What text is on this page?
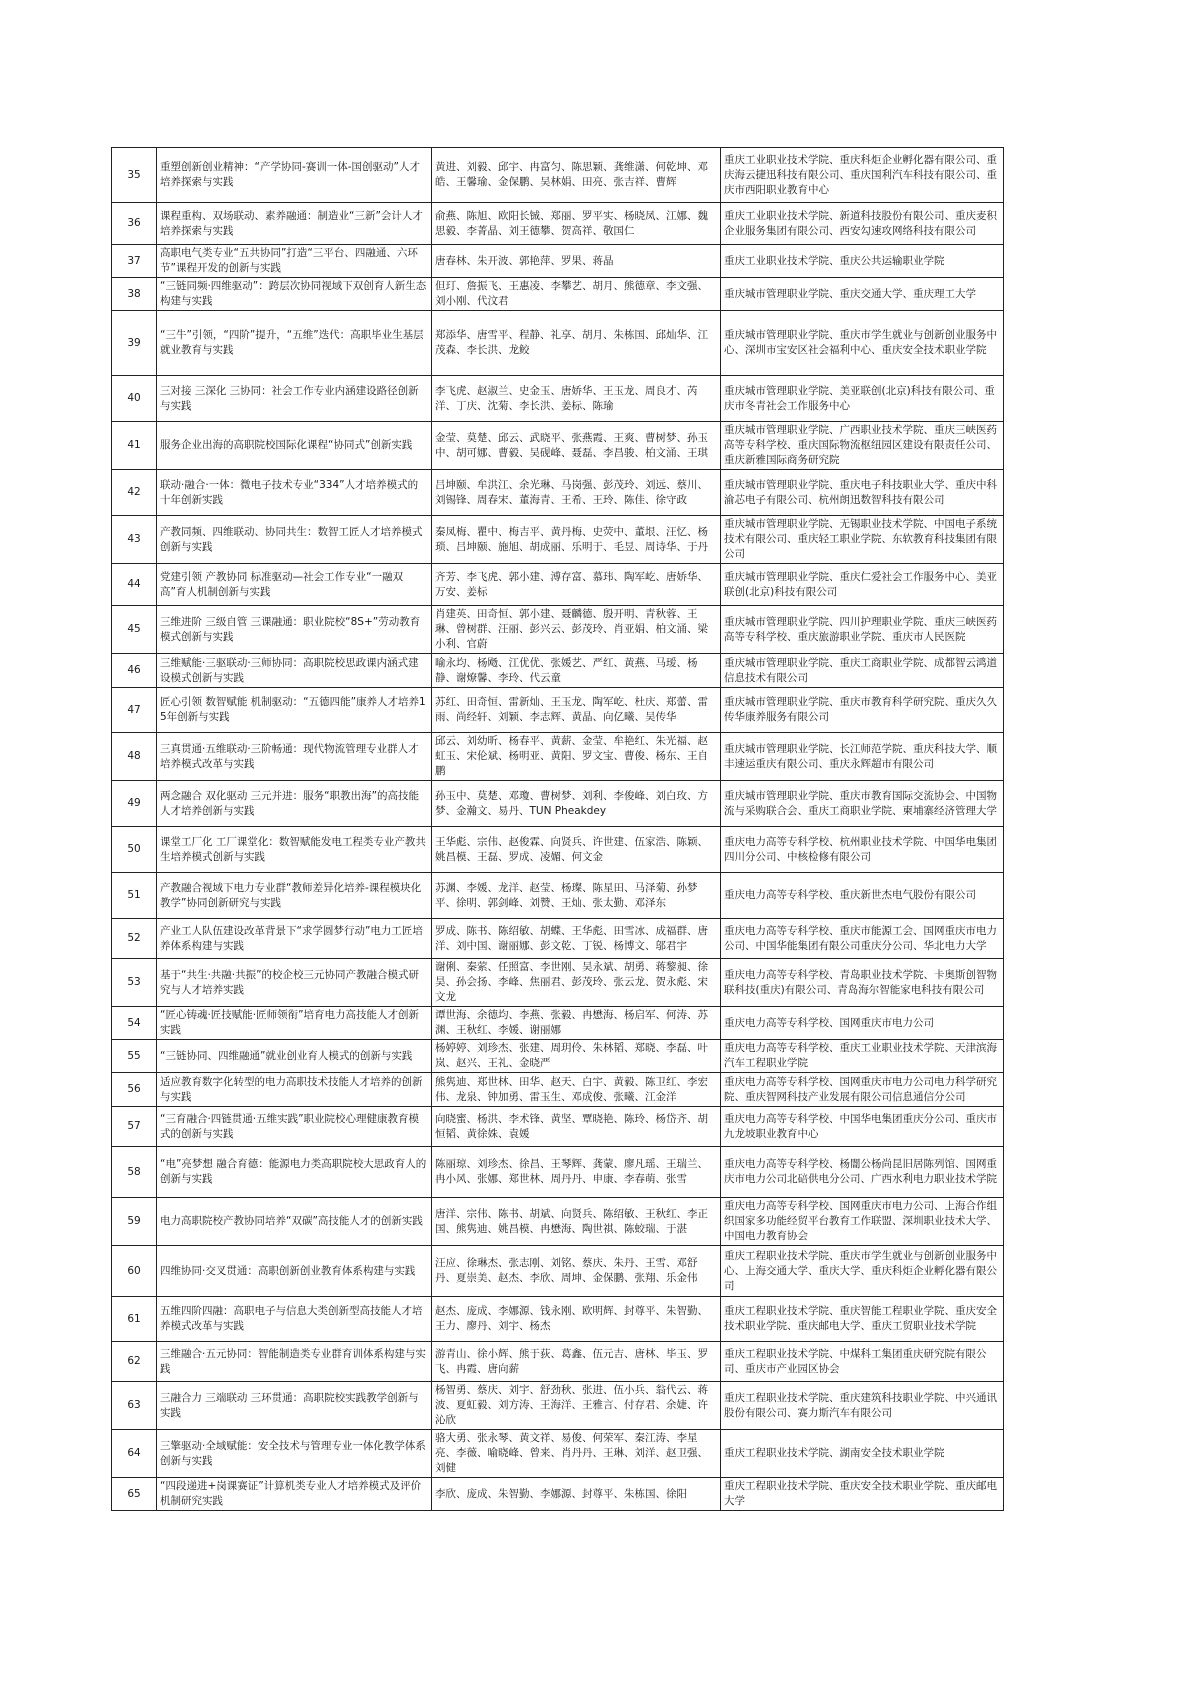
35	重塑创新创业精神：“产学协同-赛训一体-国创驱动”人才培养探索与实践	黄进、刘毅、邱宇、冉富匀、陈思颖、龚维潇、何乾坤、邓皓、王馨瑜、金保鹏、吴林娟、田亮、张吉祥、曹辉	重庆工业职业技术学院、重庆科炬企业孵化器有限公司、重庆海云捷迅科技有限公司、重庆国利汽车科技有限公司、重庆市西阳职业教育中心
36	课程重构、双场联动、素养融通：制造业“三新”会计人才培养探索与实践	俞燕、陈旭、欧阳长铖、郑丽、罗平实、杨晓凤、江娜、魏思毅、李菁晶、刘王德攀、贺高祥、敬国仁	重庆工业职业技术学院、新道科技股份有限公司、重庆麦积企业服务集团有限公司、西安勾速攻网络科技有限公司
37	高职电气类专业“五共协同”打造“三平台、四融通、六环节”课程开发的创新与实践	唐春林、朱开波、郭艳萍、罗果、蒋晶	重庆工业职业技术学院、重庆公共运输职业学院
38	“三链同频·四维驱动”：跨层次协同视域下双创育人新生态构建与实践	但玎、詹振飞、王惠凌、李攀艺、胡月、熊德章、李文强、刘小刚、代汶君	重庆城市管理职业学院、重庆交通大学、重庆理工大学
39	“三牛”引领，“四阶”提升，“五维”迭代：高职毕业生基层就业教育与实践	郑添华、唐雪平、程静、礼享、胡月、朱栋国、邱灿华、江茂森、李长洪、龙鲛	重庆城市管理职业学院、重庆市学生就业与创新创业服务中心、深圳市宝安区社会福利中心、重庆安全技术职业学院
40	三对接 三深化 三协同：社会工作专业内涵建设路径创新与实践	李飞虎、赵淑兰、史金玉、唐娇华、王玉龙、周良才、芮洋、丁庆、沈菊、李长洪、姜标、陈瑜	重庆城市管理职业学院、美亚联创(北京)科技有限公司、重庆市冬青社会工作服务中心
41	服务企业出海的高职院校国际化课程“协同式”创新实践	金莹、莫楚、邱云、武晓平、张燕霞、王爽、曹树梦、孙玉中、胡可娜、曹毅、吴砚峰、聂磊、李昌骏、柏文涌、王琪	重庆城市管理职业学院、广西职业技术学院、重庆三峡医药高等专科学校、重庆国际物流枢纽园区建设有限责任公司、重庆新雅国际商务研究院
42	联动·融合·一体：微电子技术专业“334”人才培养模式的十年创新实践	吕坤颐、牟洪江、余光琳、马岗强、彭茂玲、刘远、蔡川、刘锡锋、周春宋、董海青、王希、王玲、陈佳、徐守政	重庆城市管理职业学院、重庆电子科技职业大学、重庆中科渝芯电子有限公司、杭州朗迅数智科技有限公司
43	产教同频、四维联动、协同共生：数智工匠人才培养模式创新与实践	秦凤梅、瞿中、梅吉平、黄丹梅、史荧中、董垠、汪忆、杨琐、吕坤颐、施旭、胡成丽、乐明于、毛昱、周诗华、于丹	重庆城市管理职业学院、无锡职业技术学院、中国电子系统技术有限公司、重庆轻工职业学院、东软教育科技集团有限公司
44	党建引领 产教协同 标准驱动—社会工作专业“一融双高”育人机制创新与实践	齐芳、李飞虎、郭小建、溥存富、慕玮、陶军屹、唐娇华、万安、姜标	重庆城市管理职业学院、重庆仁爱社会工作服务中心、美亚联创(北京)科技有限公司
45	三维进阶 三级自管 三课融通：职业院校“8S+”劳动教育模式创新与实践	肖建英、田奇恒、郭小建、聂麟德、殷开明、青秋蓉、王琳、曾树群、汪丽、彭兴云、彭茂玲、肖亚娟、柏文涌、梁小利、官蔚	重庆城市管理职业学院、四川护理职业学院、重庆三峡医药高等专科学校、重庆旅游职业学院、重庆市人民医院
46	三维赋能·三驱联动·三师协同：高职院校思政课内涵式建设模式创新与实践	喻永均、杨飏、江优优、张媛艺、严红、黄燕、马瑷、杨静、谢燎馨、李玲、代云童	重庆城市管理职业学院、重庆工商职业学院、成都智云鸿道信息技术有限公司
47	匠心引领 数智赋能 机制驱动：“五德四能”康养人才培养15年创新与实践	苏红、田奇恒、雷新灿、王玉龙、陶军屹、杜庆、郑蕾、雷雨、尚经轩、刘颖、李志辉、黄晶、向亿曦、吴传华	重庆城市管理职业学院、重庆市教育科学研究院、重庆久久传华康养服务有限公司
48	三真贯通·五维联动·三阶畅通：现代物流管理专业群人才培养模式改革与实践	邱云、刘幼昕、杨春平、黄薪、金莹、牟艳红、朱光福、赵虹玉、宋伦斌、杨明亚、黄阳、罗文宝、曹俊、杨东、王自鹏	重庆城市管理职业学院、长江师范学院、重庆科技大学、顺丰速运重庆有限公司、重庆永辉超市有限公司
49	两念融合 双化驱动 三元并进：服务“职教出海”的高技能人才培养创新与实践	孙玉中、莫楚、邓瓊、曹树梦、刘利、李俊峰、刘白玫、方梦、金瀚文、易丹、TUN Pheakdey	重庆城市管理职业学院、重庆市教育国际交流协会、中国物流与采购联合会、重庆工商职业学院、柬埔寨经济管理大学
50	课堂工厂化 工厂课堂化：数智赋能发电工程类专业产教共生培养模式创新与实践	王华彪、宗伟、赵俊霖、向贤兵、许世建、伍家浩、陈颖、姚昌模、王磊、罗成、凌媚、何文金	重庆电力高等专科学校、杭州职业技术学院、中国华电集团四川分公司、中核检修有限公司
51	产教融合视域下电力专业群“教师差异化培养-课程模块化教学”协同创新研究与实践	苏渊、李媛、龙洋、赵莹、杨璨、陈星田、马泽菊、孙梦平、徐明、郭剑峰、刘赞、王灿、张太勤、邓泽东	重庆电力高等专科学校、重庆新世杰电气股份有限公司
52	产业工人队伍建设改革背景下“求学圆梦行动”电力工匠培养体系构建与实践	罗成、陈书、陈绍敏、胡蝶、王华彪、田雪冰、成福群、唐洋、刘中国、谢丽娜、彭文乾、丁锐、杨博文、邬君宇	重庆电力高等专科学校、重庆市能源工会、国网重庆市电力公司、中国华能集团有限公司重庆分公司、华北电力大学
53	基于“共生·共融·共振”的校企校三元协同产教融合模式研究与人才培养实践	谢俐、秦萦、任照富、李世刚、吴永斌、胡勇、蒋黎昶、徐昊、孙会扬、李峰、焦丽君、彭茂玲、张云龙、贺永彪、宋文龙	重庆电力高等专科学校、青岛职业技术学院、卡奥斯创智物联科技(重庆)有限公司、青岛海尔智能家电科技有限公司
54	“匠心铸魂·匠技赋能·匠师领衔”培育电力高技能人才创新实践	谭世海、余德均、李燕、张毅、冉懋海、杨启军、何涛、苏渊、王秋红、李媛、谢丽娜	重庆电力高等专科学校、国网重庆市电力公司
55	“三链协同、四维融通”就业创业育人模式的创新与实践	杨婷婷、刘珍杰、张建、周玥伶、朱林韬、郑晓、李磊、叶岚、赵兴、王礼、金晓严	重庆电力高等专科学校、重庆工业职业技术学院、天津滨海汽车工程职业学院
56	适应教育数字化转型的电力高职技术技能人才培养的创新与实践	熊隽迪、郑世林、田华、赵天、白宇、黄毅、陈卫红、李宏伟、龙泉、钟加勇、雷玉生、邓成俊、张曦、江金洋	重庆电力高等专科学校、国网重庆市电力公司电力科学研究院、重庆智网科技产业发展有限公司信息通信分公司
57	“三育融合·四链贯通·五维实践”职业院校心理健康教育模式的创新与实践	向晓蜜、杨洪、李术锋、黄坚、覃晓艳、陈玲、杨岱齐、胡恒韬、黄徐姝、袁媛	重庆电力高等专科学校、中国华电集团重庆分公司、重庆市九龙坡职业教育中心
58	“电”亮梦想 融合育德：能源电力类高职院校大思政育人的创新与实践	陈丽琼、刘珍杰、徐昌、王琴辉、龚蒙、廖凡瑶、王瑞兰、冉小风、张娜、郑世林、周丹丹、申康、李春萌、张雪	重庆电力高等专科学校、杨闇公杨尚昆旧居陈列馆、国网重庆市电力公司北碚供电分公司、广西水利电力职业技术学院
59	电力高职院校产教协同培养“双碳”高技能人才的创新实践	唐洋、宗伟、陈书、胡斌、向贤兵、陈绍敏、王秋红、李正国、熊隽迪、姚昌模、冉懋海、陶世祺、陈蛟瑞、于湛	重庆电力高等专科学校、国网重庆市电力公司、上海合作组织国家多功能经贸平台教育工作联盟、深圳职业技术大学、中国电力教育协会
60	四维协同·交叉贯通：高职创新创业教育体系构建与实践	汪应、徐琳杰、张志刚、刘铭、蔡庆、朱丹、王雪、邓舒丹、夏崇美、赵杰、李欣、周坤、金保鹏、张翔、乐金伟	重庆工程职业技术学院、重庆市学生就业与创新创业服务中心、上海交通大学、重庆大学、重庆科炬企业孵化器有限公司
61	五维四阶四融：高职电子与信息大类创新型高技能人才培养模式改革与实践	赵杰、庞成、李娜源、钱永刚、欧明辉、封尊平、朱智勤、王力、廖丹、刘宇、杨杰	重庆工程职业技术学院、重庆智能工程职业学院、重庆安全技术职业学院、重庆邮电大学、重庆工贸职业技术学院
62	三维融合·五元协同：智能制造类专业群育训体系构建与实践	游青山、徐小辉、熊于荻、葛鑫、伍元吉、唐林、毕玉、罗飞、冉霞、唐向薪	重庆工程职业技术学院、中煤科工集团重庆研究院有限公司、重庆市产业园区协会
63	三融合力 三端联动 三环贯通：高职院校实践教学创新与实践	杨智勇、蔡庆、刘宇、舒劲秋、张进、伍小兵、翁代云、蒋波、夏虹毅、刘方涛、王海洋、王雅言、付存君、余婕、许沁欣	重庆工程职业技术学院、重庆建筑科技职业学院、中兴通讯股份有限公司、赛力斯汽车有限公司
64	三擎驱动·全域赋能：安全技术与管理专业一体化教学体系创新与实践	骆大勇、张永琴、黄文祥、易俊、何荣军、秦江涛、李星亮、李薇、喻晓峰、曾来、肖丹丹、王琳、刘洋、赵卫强、刘健	重庆工程职业技术学院、湖南安全技术职业学院
65	“四段递进+岗课赛证”计算机类专业人才培养模式及评价机制研究实践	李欣、庞成、朱智勤、李娜源、封尊平、朱栋国、徐阳	重庆工程职业技术学院、重庆安全技术职业学院、重庆邮电大学
